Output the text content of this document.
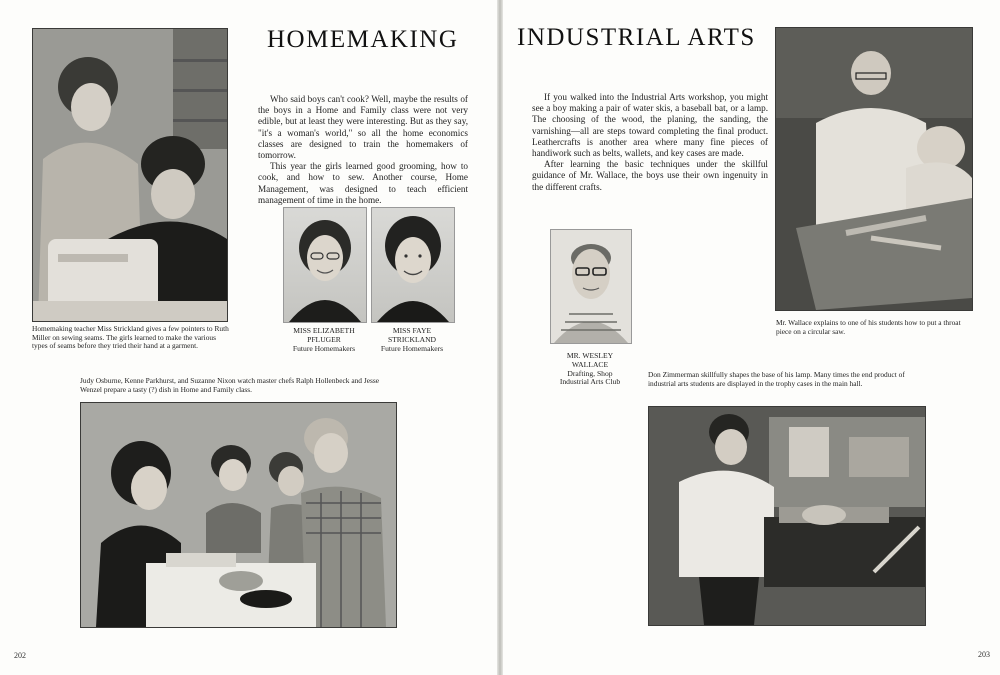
HOMEMAKING

Who said boys can't cook? Well, maybe the results of the boys in a Home and Family class were not very edible, but at least they were interesting. But as they say, "it's a woman's world," so all the home economics classes are designed to train the homemakers of tomorrow.

This year the girls learned good grooming, how to cook, and how to sew. Another course, Home Management, was designed to teach efficient management of time in the home.

Homemaking teacher Miss Strickland gives a few pointers to Ruth Miller on sewing seams. The girls learned to make the various types of seams before they tried their hand at a garment.
MISS ELIZABETH
PFLUGER
Future Homemakers
MISS FAYE
STRICKLAND
Future Homemakers
Judy Osburne, Kenne Parkhurst, and Suzanne Nixon watch master chefs Ralph Hollenbeck and Jesse Wenzel prepare a tasty (?) dish in Home and Family class.
202
INDUSTRIAL ARTS

If you walked into the Industrial Arts workshop, you might see a boy making a pair of water skis, a baseball bat, or a lamp. The choosing of the wood, the planing, the sanding, the varnishing—all are steps toward completing the final product. Leathercrafts is another area where many fine pieces of handiwork such as belts, wallets, and key cases are made.

After learning the basic techniques under the skillful guidance of Mr. Wallace, the boys use their own ingenuity in the different crafts.

MR. WESLEY
WALLACE
Drafting, Shop
Industrial Arts Club
Mr. Wallace explains to one of his students how to put a throat piece on a circular saw.
Don Zimmerman skillfully shapes the base of his lamp. Many times the end product of industrial arts students are displayed in the trophy cases in the main hall.
203
